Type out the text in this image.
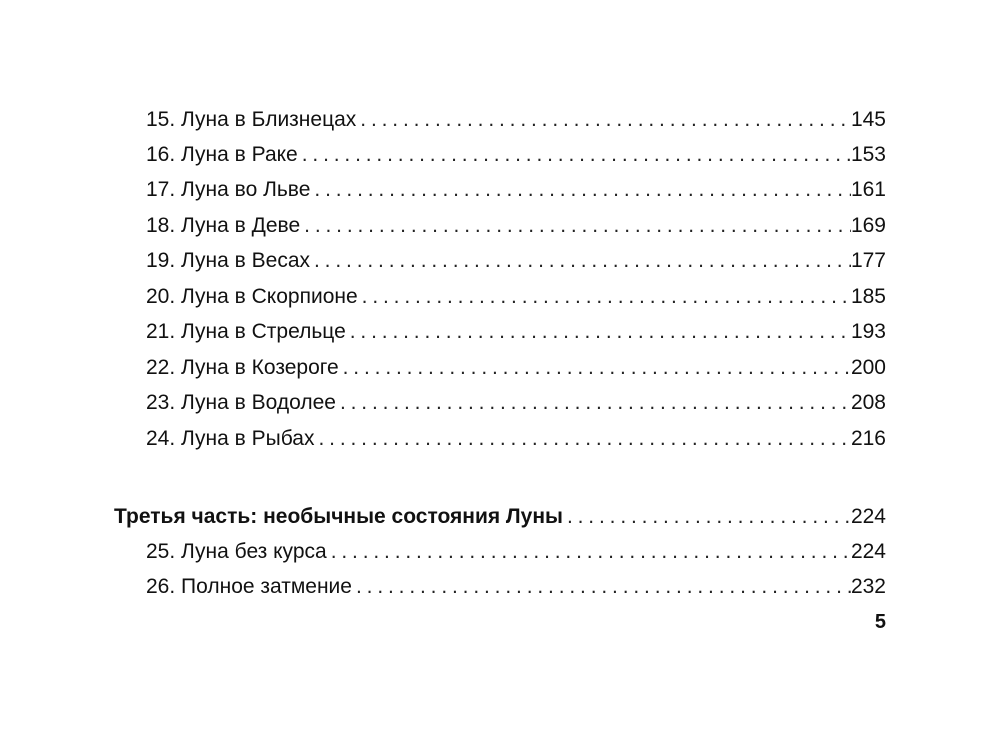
15. Луна в Близнецах . . .	145
16. Луна в Раке . . .	153
17. Луна во Льве . . .	161
18. Луна в Деве . . .	169
19. Луна в Весах . . .	177
20. Луна в Скорпионе . . .	185
21. Луна в Стрельце . . .	193
22. Луна в Козероге . . .	200
23. Луна в Водолее . . .	208
24. Луна в Рыбах . . .	216
Третья часть: необычные состояния Луны . . .	224
25. Луна без курса . . .	224
26. Полное затмение . . .	232
5
